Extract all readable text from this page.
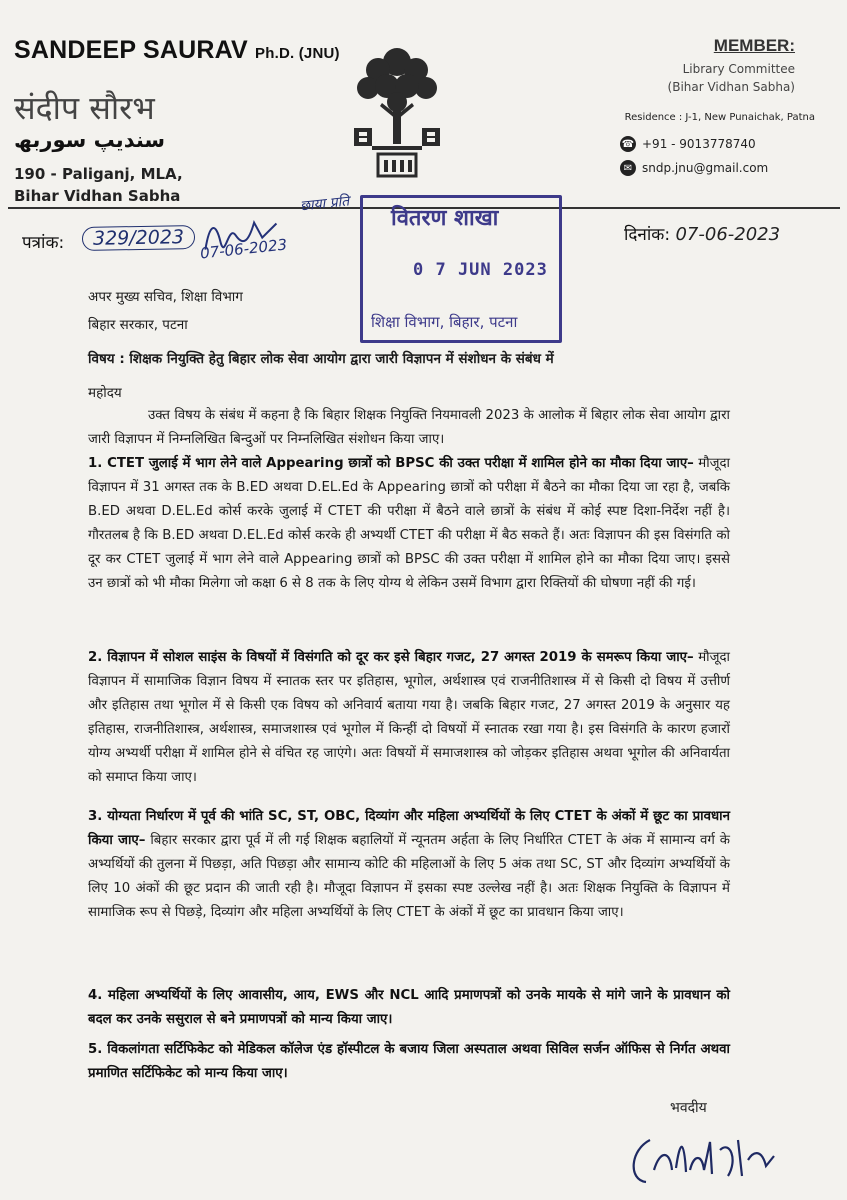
SANDEEP SAURAV Ph.D. (JNU)
संदीप सौरभ
سندیپ سوربھ
190 - Paliganj, MLA,
Bihar Vidhan Sabha
MEMBER:
Library Committee
(Bihar Vidhan Sabha)
Residence : J-1, New Punaichak, Patna
☎ +91 - 9013778740
✉ sndp.jnu@gmail.com
पत्रांक:	329/2023	07-06-2023
छाया प्रति
वितरण शाखा
0 7 JUN 2023
शिक्षा विभाग, बिहार, पटना
दिनांक: 07-06-2023
अपर मुख्य सचिव, शिक्षा विभाग
बिहार सरकार, पटना
विषय : शिक्षक नियुक्ति हेतु बिहार लोक सेवा आयोग द्वारा जारी विज्ञापन में संशोधन के संबंध में
महोदय
उक्त विषय के संबंध में कहना है कि बिहार शिक्षक नियुक्ति नियमावली 2023 के आलोक में बिहार लोक सेवा आयोग द्वारा जारी विज्ञापन में निम्नलिखित बिन्दुओं पर निम्नलिखित संशोधन किया जाए।
1. CTET जुलाई में भाग लेने वाले Appearing छात्रों को BPSC की उक्त परीक्षा में शामिल होने का मौका दिया जाए– मौजूदा विज्ञापन में 31 अगस्त तक के B.ED अथवा D.EL.Ed के Appearing छात्रों को परीक्षा में बैठने का मौका दिया जा रहा है, जबकि B.ED अथवा D.EL.Ed कोर्स करके जुलाई में CTET की परीक्षा में बैठने वाले छात्रों के संबंध में कोई स्पष्ट दिशा-निर्देश नहीं है। गौरतलब है कि B.ED अथवा D.EL.Ed कोर्स करके ही अभ्यर्थी CTET की परीक्षा में बैठ सकते हैं। अतः विज्ञापन की इस विसंगति को दूर कर CTET जुलाई में भाग लेने वाले Appearing छात्रों को BPSC की उक्त परीक्षा में शामिल होने का मौका दिया जाए। इससे उन छात्रों को भी मौका मिलेगा जो कक्षा 6 से 8 तक के लिए योग्य थे लेकिन उसमें विभाग द्वारा रिक्तियों की घोषणा नहीं की गई।
2. विज्ञापन में सोशल साइंस के विषयों में विसंगति को दूर कर इसे बिहार गजट, 27 अगस्त 2019 के समरूप किया जाए– मौजूदा विज्ञापन में सामाजिक विज्ञान विषय में स्नातक स्तर पर इतिहास, भूगोल, अर्थशास्त्र एवं राजनीतिशास्त्र में से किसी दो विषय में उत्तीर्ण और इतिहास तथा भूगोल में से किसी एक विषय को अनिवार्य बताया गया है। जबकि बिहार गजट, 27 अगस्त 2019 के अनुसार यह इतिहास, राजनीतिशास्त्र, अर्थशास्त्र, समाजशास्त्र एवं भूगोल में किन्हीं दो विषयों में स्नातक रखा गया है। इस विसंगति के कारण हजारों योग्य अभ्यर्थी परीक्षा में शामिल होने से वंचित रह जाएंगे। अतः विषयों में समाजशास्त्र को जोड़कर इतिहास अथवा भूगोल की अनिवार्यता को समाप्त किया जाए।
3. योग्यता निर्धारण में पूर्व की भांति SC, ST, OBC, दिव्यांग और महिला अभ्यर्थियों के लिए CTET के अंकों में छूट का प्रावधान किया जाए– बिहार सरकार द्वारा पूर्व में ली गई शिक्षक बहालियों में न्यूनतम अर्हता के लिए निर्धारित CTET के अंक में सामान्य वर्ग के अभ्यर्थियों की तुलना में पिछड़ा, अति पिछड़ा और सामान्य कोटि की महिलाओं के लिए 5 अंक तथा SC, ST और दिव्यांग अभ्यर्थियों के लिए 10 अंकों की छूट प्रदान की जाती रही है। मौजूदा विज्ञापन में इसका स्पष्ट उल्लेख नहीं है। अतः शिक्षक नियुक्ति के विज्ञापन में सामाजिक रूप से पिछड़े, दिव्यांग और महिला अभ्यर्थियों के लिए CTET के अंकों में छूट का प्रावधान किया जाए।
4. महिला अभ्यर्थियों के लिए आवासीय, आय, EWS और NCL आदि प्रमाणपत्रों को उनके मायके से मांगे जाने के प्रावधान को बदल कर उनके ससुराल से बने प्रमाणपत्रों को मान्य किया जाए।
5. विकलांगता सर्टिफिकेट को मेडिकल कॉलेज एंड हॉस्पीटल के बजाय जिला अस्पताल अथवा सिविल सर्जन ऑफिस से निर्गत अथवा प्रमाणित सर्टिफिकेट को मान्य किया जाए।
भवदीय
